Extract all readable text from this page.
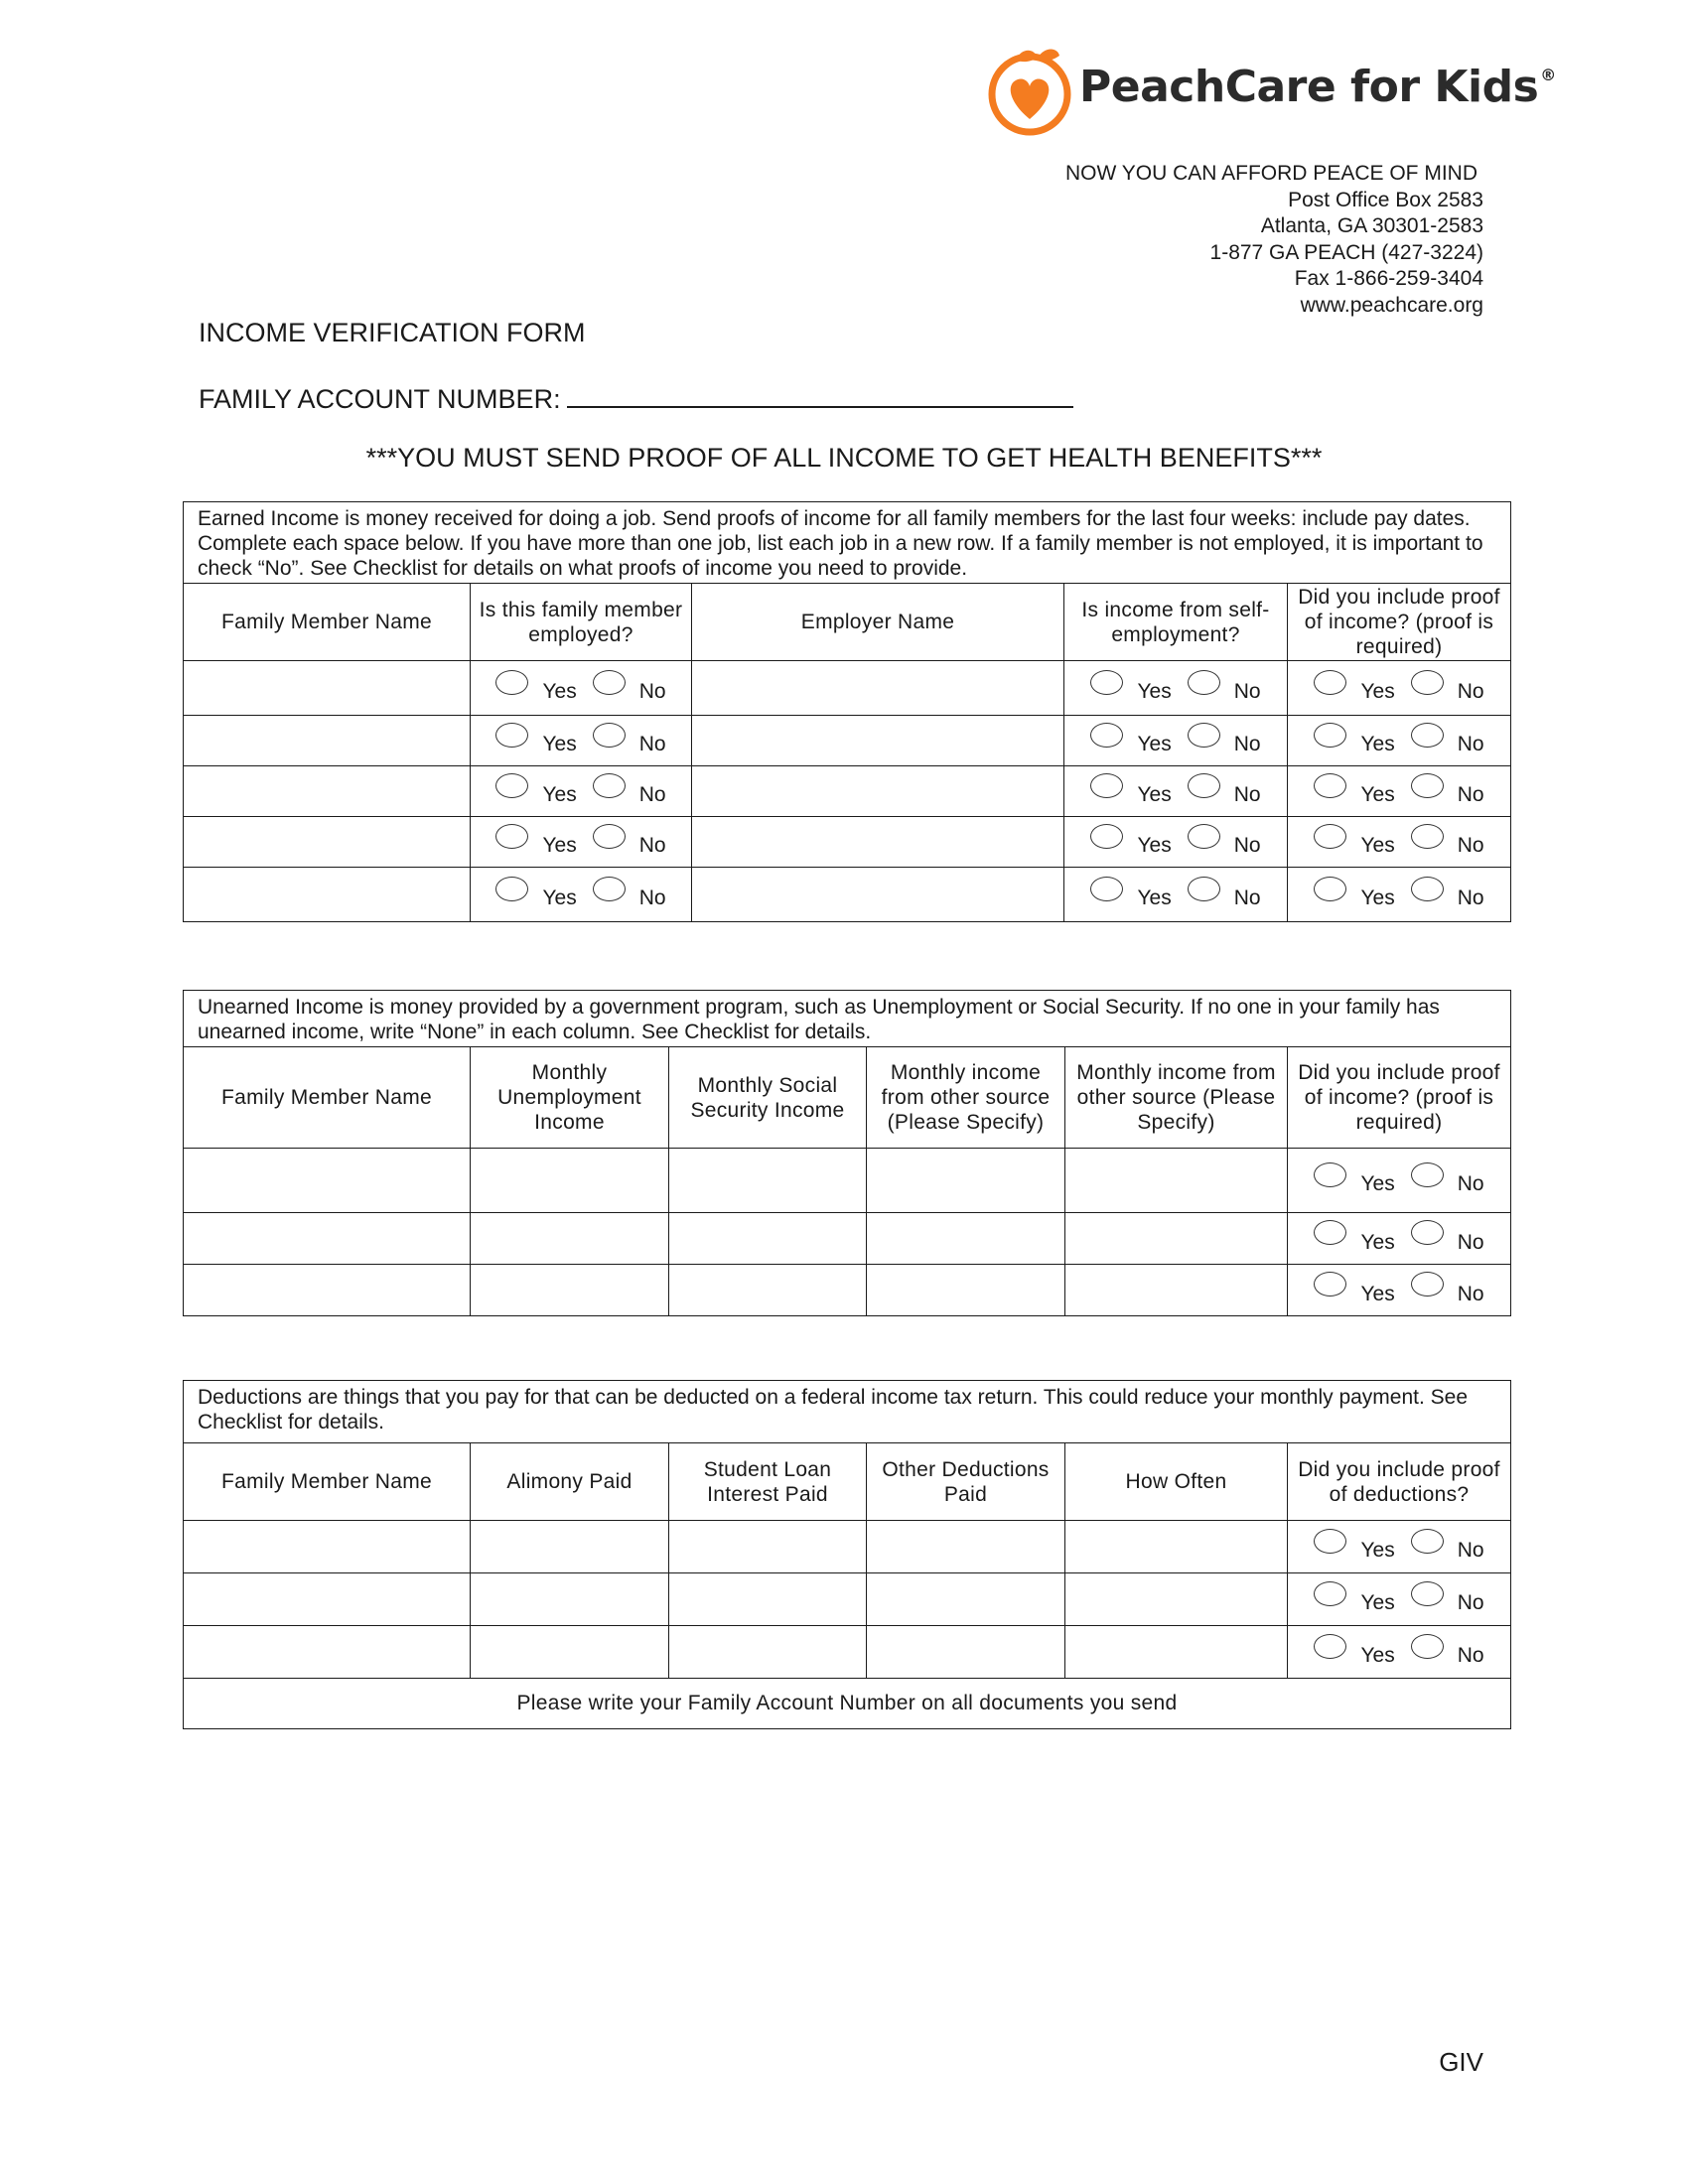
PeachCare for Kids ®
NOW YOU CAN AFFORD PEACE OF MIND
Post Office Box 2583
Atlanta, GA 30301-2583
1-877 GA PEACH (427-3224)
Fax 1-866-259-3404
www.peachcare.org
INCOME VERIFICATION FORM
FAMILY ACCOUNT NUMBER:
***YOU MUST SEND PROOF OF ALL INCOME TO GET HEALTH BENEFITS***
Earned Income is money received for doing a job. Send proofs of income for all family members for the last four weeks: include pay dates. Complete each space below. If you have more than one job, list each job in a new row. If a family member is not employed, it is important to check “No”. See Checklist for details on what proofs of income you need to provide.				
Family Member Name	Is this family member employed?	Employer Name	Is income from self-employment?	Did you include proof of income? (proof is required)

	Yes No		Yes No	Yes No

	Yes No		Yes No	Yes No

	Yes No		Yes No	Yes No

	Yes No		Yes No	Yes No

	Yes No		Yes No	Yes No
Unearned Income is money provided by a government program, such as Unemployment or Social Security. If no one in your family has unearned income, write “None” in each column. See Checklist for details.					
Family Member Name	Monthly Unemployment Income	Monthly Social Security Income	Monthly income from other source (Please Specify)	Monthly income from other source (Please Specify)	Did you include proof of income? (proof is required)

					Yes No

					Yes No

					Yes No
Deductions are things that you pay for that can be deducted on a federal income tax return. This could reduce your monthly payment. See Checklist for details.					
Family Member Name	Alimony Paid	Student Loan Interest Paid	Other Deductions Paid	How Often	Did you include proof of deductions?

					Yes No

					Yes No

					Yes No

Please write your Family Account Number on all documents you send					
GIV
